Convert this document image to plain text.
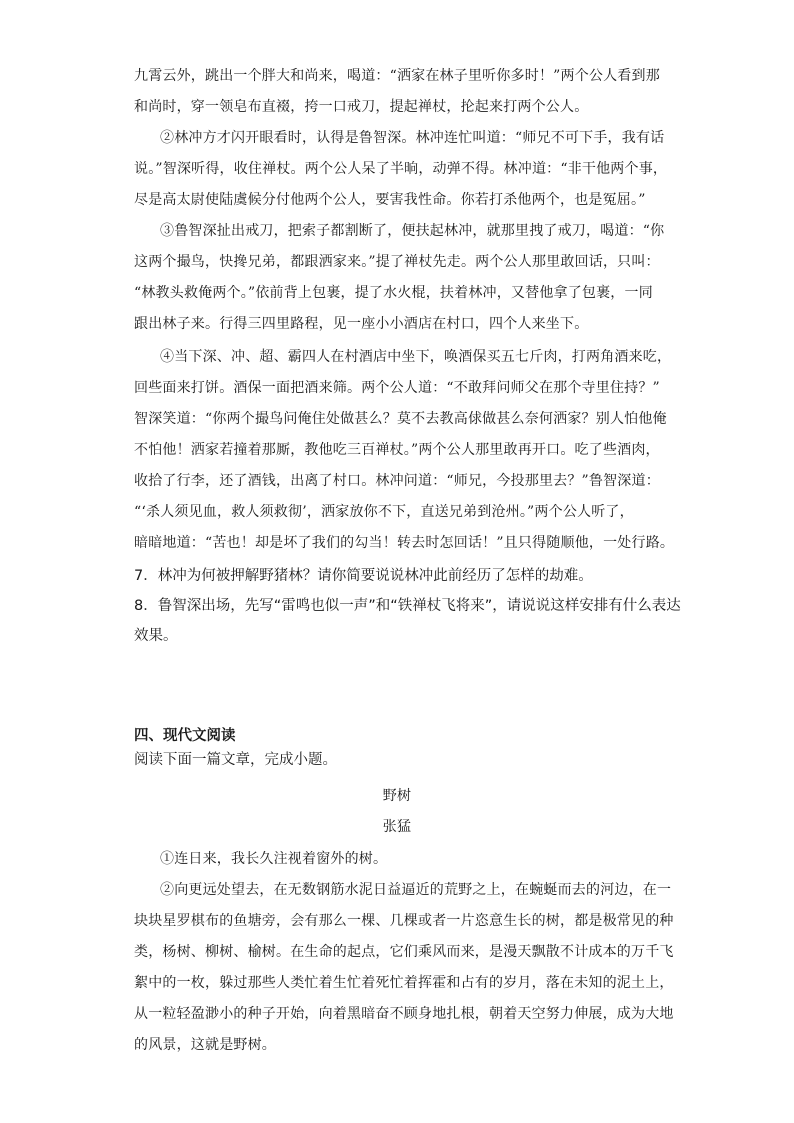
九霄云外，跳出一个胖大和尚来，喝道：“洒家在林子里听你多时！”两个公人看到那
和尚时，穿一领皂布直裰，挎一口戒刀，提起禅杖，抡起来打两个公人。
②林冲方才闪开眼看时，认得是鲁智深。林冲连忙叫道：“师兄不可下手，我有话
说。”智深听得，收住禅杖。两个公人呆了半晌，动弹不得。林冲道：“非干他两个事，
尽是高太尉使陆虞候分付他两个公人，要害我性命。你若打杀他两个，也是冤屈。”
③鲁智深扯出戒刀，把索子都割断了，便扶起林冲，就那里拽了戒刀，喝道：“你
这两个撮鸟，快搀兄弟，都跟洒家来。”提了禅杖先走。两个公人那里敢回话，只叫：
“林教头救俺两个。”依前背上包裹，提了水火棍，扶着林冲，又替他拿了包裹，一同
跟出林子来。行得三四里路程，见一座小小酒店在村口，四个人来坐下。
④当下深、冲、超、霸四人在村酒店中坐下，唤酒保买五七斤肉，打两角酒来吃，
回些面来打饼。酒保一面把酒来筛。两个公人道：“不敢拜问师父在那个寺里住持？”
智深笑道：“你两个撮鸟问俺住处做甚么？莫不去教高俅做甚么奈何洒家？别人怕他俺
不怕他！洒家若撞着那厮，教他吃三百禅杖。”两个公人那里敢再开口。吃了些酒肉，
收拾了行李，还了酒钱，出离了村口。林冲问道：“师兄，今投那里去？”鲁智深道：
“‘杀人须见血，救人须救彻’，洒家放你不下，直送兄弟到沧州。”两个公人听了，
暗暗地道：“苦也！却是坏了我们的勾当！转去时怎回话！”且只得随顺他，一处行路。
7．林冲为何被押解野猪林？请你简要说说林冲此前经历了怎样的劫难。
8．鲁智深出场，先写“雷鸣也似一声”和“铁禅杖飞将来”，请说说这样安排有什么表达
效果。
四、现代文阅读
阅读下面一篇文章，完成小题。
野树
张猛
①连日来，我长久注视着窗外的树。
②向更远处望去，在无数钢筋水泥日益逼近的荒野之上，在蜿蜒而去的河边，在一
块块星罗棋布的鱼塘旁，会有那么一棵、几棵或者一片恣意生长的树，都是极常见的种
类，杨树、柳树、榆树。在生命的起点，它们乘风而来，是漫天飘散不计成本的万千飞
絮中的一枚，躲过那些人类忙着生忙着死忙着挥霍和占有的岁月，落在未知的泥土上，
从一粒轻盈渺小的种子开始，向着黑暗奋不顾身地扎根，朝着天空努力伸展，成为大地
的风景，这就是野树。
